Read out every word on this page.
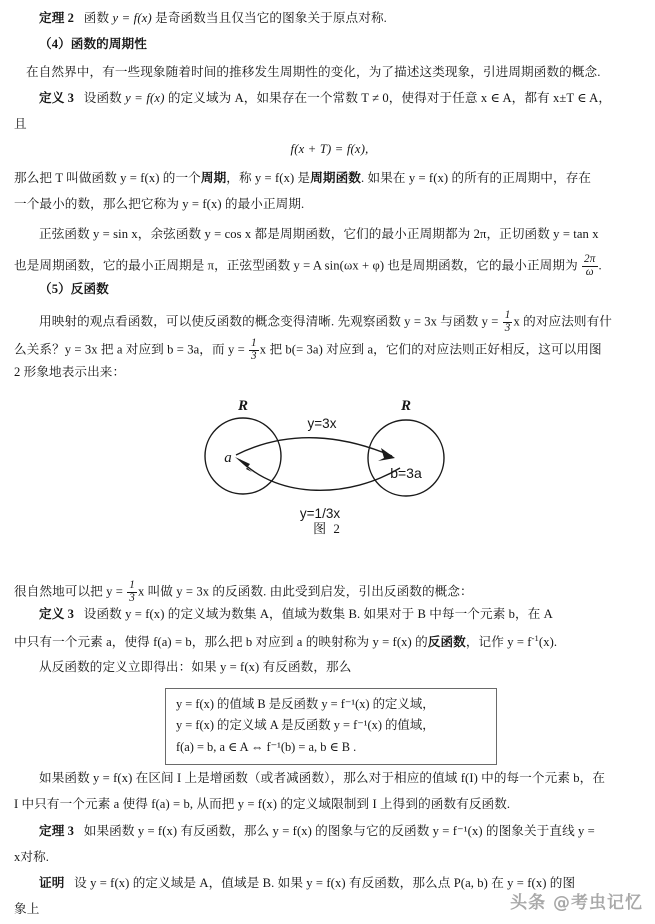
定理 2 函数 y = f(x) 是奇函数当且仅当它的图象关于原点对称.
（4）函数的周期性
在自然界中，有一些现象随着时间的推移发生周期性的变化，为了描述这类现象，引进周期函数的概念.
定义 3 设函数 y = f(x) 的定义域为 A，如果存在一个常数 T ≠ 0，使得对于任意 x ∈ A，都有 x±T ∈ A，
且
f(x + T) = f(x),
那么把 T 叫做函数 y = f(x) 的一个周期，称 y = f(x) 是周期函数. 如果在 y = f(x) 的所有的正周期中，存在
一个最小的数，那么把它称为 y = f(x) 的最小正周期.
正弦函数 y = sin x，余弦函数 y = cos x 都是周期函数，它们的最小正周期都为 2π，正切函数 y = tan x
也是周期函数，它的最小正周期是 π，正弦型函数 y = A sin(ωx + φ) 也是周期函数，它的最小正周期为 $\frac{2\pi}{\omega}$ .
（5）反函数
用映射的观点看函数，可以使反函数的概念变得清晰. 先观察函数 y = 3x 与函数 $y = \frac{1}{3}$ x 的对应法则有什
么关系？y = 3x 把 a 对应到 b = 3a，而 $y = \frac{1}{3}$ x 把 b(= 3a) 对应到 a，它们的对应法则正好相反，这可以用图
2 形象地表示出来：
R	R
a
b=3a
y=3x
y=1/3x
图 2
很自然地可以把 $y = \frac{1}{3}$ x 叫做 y = 3x 的反函数. 由此受到启发，引出反函数的概念：
定义 3 设函数 y = f(x) 的定义域为数集 A，值域为数集 B. 如果对于 B 中每一个元素 b，在 A
中只有一个元素 a，使得 f(a) = b，那么把 b 对应到 a 的映射称为 y = f(x) 的反函数，记作 $y = f^{-1}(x)$.
从反函数的定义立即得出：如果 y = f(x) 有反函数，那么
y = f(x) 的值域 B 是反函数 y = f⁻¹(x) 的定义域，
y = f(x) 的定义域 A 是反函数 y = f⁻¹(x) 的值域，
f(a) = b, a ∈ A ⇔ f⁻¹(b) = a, b ∈ B .
如果函数 y = f(x) 在区间 I 上是增函数（或者减函数），那么对于相应的值域 f(I) 中的每一个元素 b，在
I 中只有一个元素 a 使得 f(a) = b, 从而把 y = f(x) 的定义域限制到 I 上得到的函数有反函数.
定理 3 如果函数 y = f(x) 有反函数，那么 y = f(x) 的图象与它的反函数 y = f⁻¹(x) 的图象关于直线 y =
x对称.
证明 设 y = f(x) 的定义域是 A，值域是 B. 如果 y = f(x) 有反函数，那么点 P(a, b) 在 y = f(x) 的图
象上	头条 @考虫记忆
